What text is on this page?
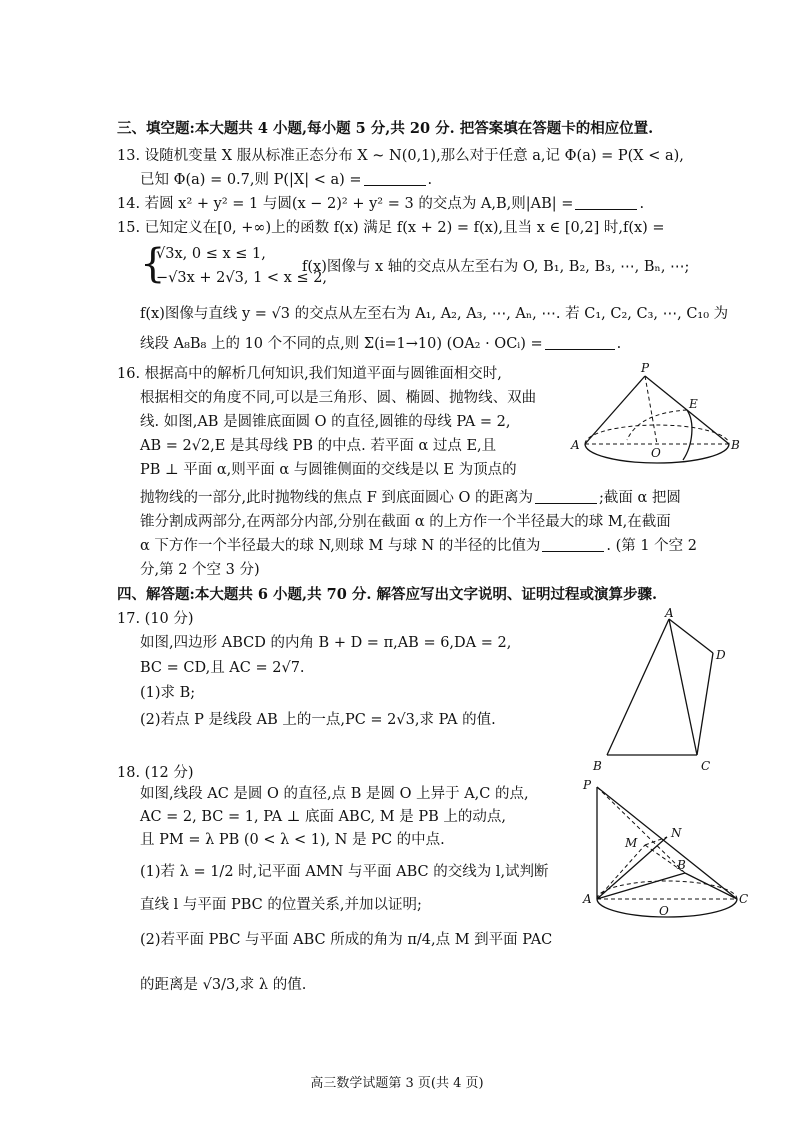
三、填空题:本大题共 4 小题,每小题 5 分,共 20 分. 把答案填在答题卡的相应位置.
13. 设随机变量 X 服从标准正态分布 X ~ N(0,1),那么对于任意 a,记 Φ(a) = P(X < a),
已知 Φ(a) = 0.7,则 P(|X| < a) =	.
14. 若圆 x² + y² = 1 与圆(x − 2)² + y² = 3 的交点为 A,B,则|AB| =	.
15. 已知定义在[0, +∞)上的函数 f(x) 满足 f(x + 2) = f(x),且当 x ∈ [0,2] 时,f(x) =
{
√3x, 0 ≤ x ≤ 1,
−√3x + 2√3, 1 < x ≤ 2,
f(x)图像与 x 轴的交点从左至右为 O, B₁, B₂, B₃, ⋯, Bₙ, ⋯;
f(x)图像与直线 y = √3 的交点从左至右为 A₁, A₂, A₃, ⋯, Aₙ, ⋯. 若 C₁, C₂, C₃, ⋯, C₁₀ 为
线段 A₈B₈ 上的 10 个不同的点,则 Σ(i=1→10) (OA₂ · OCᵢ) =	.
16. 根据高中的解析几何知识,我们知道平面与圆锥面相交时,
根据相交的角度不同,可以是三角形、圆、椭圆、抛物线、双曲
线. 如图,AB 是圆锥底面圆 O 的直径,圆锥的母线 PA = 2,
AB = 2√2,E 是其母线 PB 的中点. 若平面 α 过点 E,且
PB ⊥ 平面 α,则平面 α 与圆锥侧面的交线是以 E 为顶点的
抛物线的一部分,此时抛物线的焦点 F 到底面圆心 O 的距离为	;截面 α 把圆
锥分割成两部分,在两部分内部,分别在截面 α 的上方作一个半径最大的球 M,在截面
α 下方作一个半径最大的球 N,则球 M 与球 N 的半径的比值为	. (第 1 个空 2
分,第 2 个空 3 分)
P
E
A	B
O
四、解答题:本大题共 6 小题,共 70 分. 解答应写出文字说明、证明过程或演算步骤.
17. (10 分)
如图,四边形 ABCD 的内角 B + D = π,AB = 6,DA = 2,
BC = CD,且 AC = 2√7.
(1)求 B;
(2)若点 P 是线段 AB 上的一点,PC = 2√3,求 PA 的值.
A
B	C
D
18. (12 分)
如图,线段 AC 是圆 O 的直径,点 B 是圆 O 上异于 A,C 的点,
AC = 2, BC = 1, PA ⊥ 底面 ABC, M 是 PB 上的动点,
且 PM = λ PB (0 < λ < 1), N 是 PC 的中点.
(1)若 λ = 1/2 时,记平面 AMN 与平面 ABC 的交线为 l,试判断
直线 l 与平面 PBC 的位置关系,并加以证明;
(2)若平面 PBC 与平面 ABC 所成的角为 π/4,点 M 到平面 PAC
的距离是 √3/3,求 λ 的值.
P
M
N
A
B
O
C
高三数学试题第 3 页(共 4 页)
